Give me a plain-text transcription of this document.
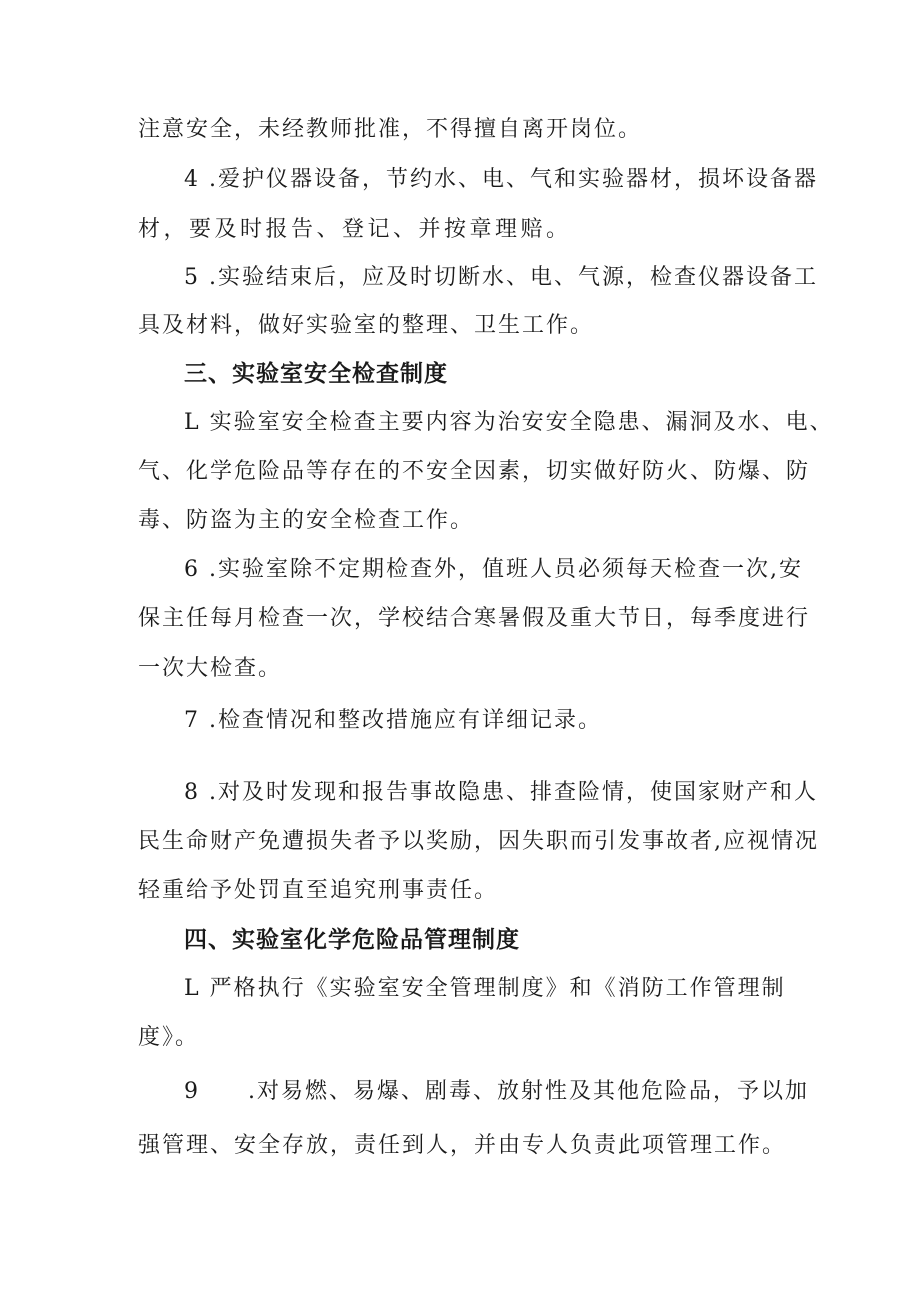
注意安全，未经教师批准，不得擅自离开岗位。
4 .爱护仪器设备，节约水、电、气和实验器材，损坏设备器
材，要及时报告、登记、并按章理赔。
5 .实验结束后，应及时切断水、电、气源，检查仪器设备工
具及材料，做好实验室的整理、卫生工作。
三、实验室安全检查制度
L 实验室安全检查主要内容为治安安全隐患、漏洞及水、电、
气、化学危险品等存在的不安全因素，切实做好防火、防爆、防
毒、防盗为主的安全检查工作。
6 .实验室除不定期检查外，值班人员必须每天检查一次,安
保主任每月检查一次，学校结合寒暑假及重大节日，每季度进行
一次大检查。
7 .检查情况和整改措施应有详细记录。
8 .对及时发现和报告事故隐患、排查险情，使国家财产和人
民生命财产免遭损失者予以奖励，因失职而引发事故者,应视情况
轻重给予处罚直至追究刑事责任。
四、实验室化学危险品管理制度
L 严格执行《实验室安全管理制度》和《消防工作管理制
度》。
9　　.对易燃、易爆、剧毒、放射性及其他危险品，予以加
强管理、安全存放，责任到人，并由专人负责此项管理工作。
